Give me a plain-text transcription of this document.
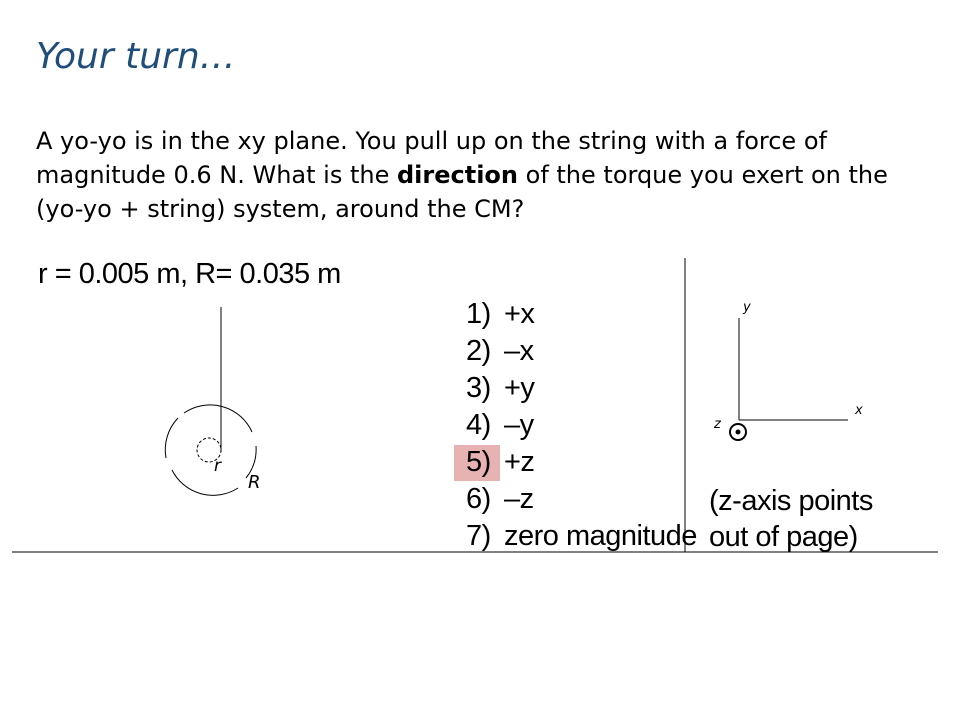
Your turn…
A yo-yo is in the xy plane. You pull up on the string with a force of magnitude 0.6 N. What is the direction of the torque you exert on the (yo-yo + string) system, around the CM?
r = 0.005 m, R= 0.035 m
r
R
y
x
z
1) +x
2) –x
3) +y
4) –y
5) +z
6) –z
7) zero magnitude
(z-axis points
out of page)
